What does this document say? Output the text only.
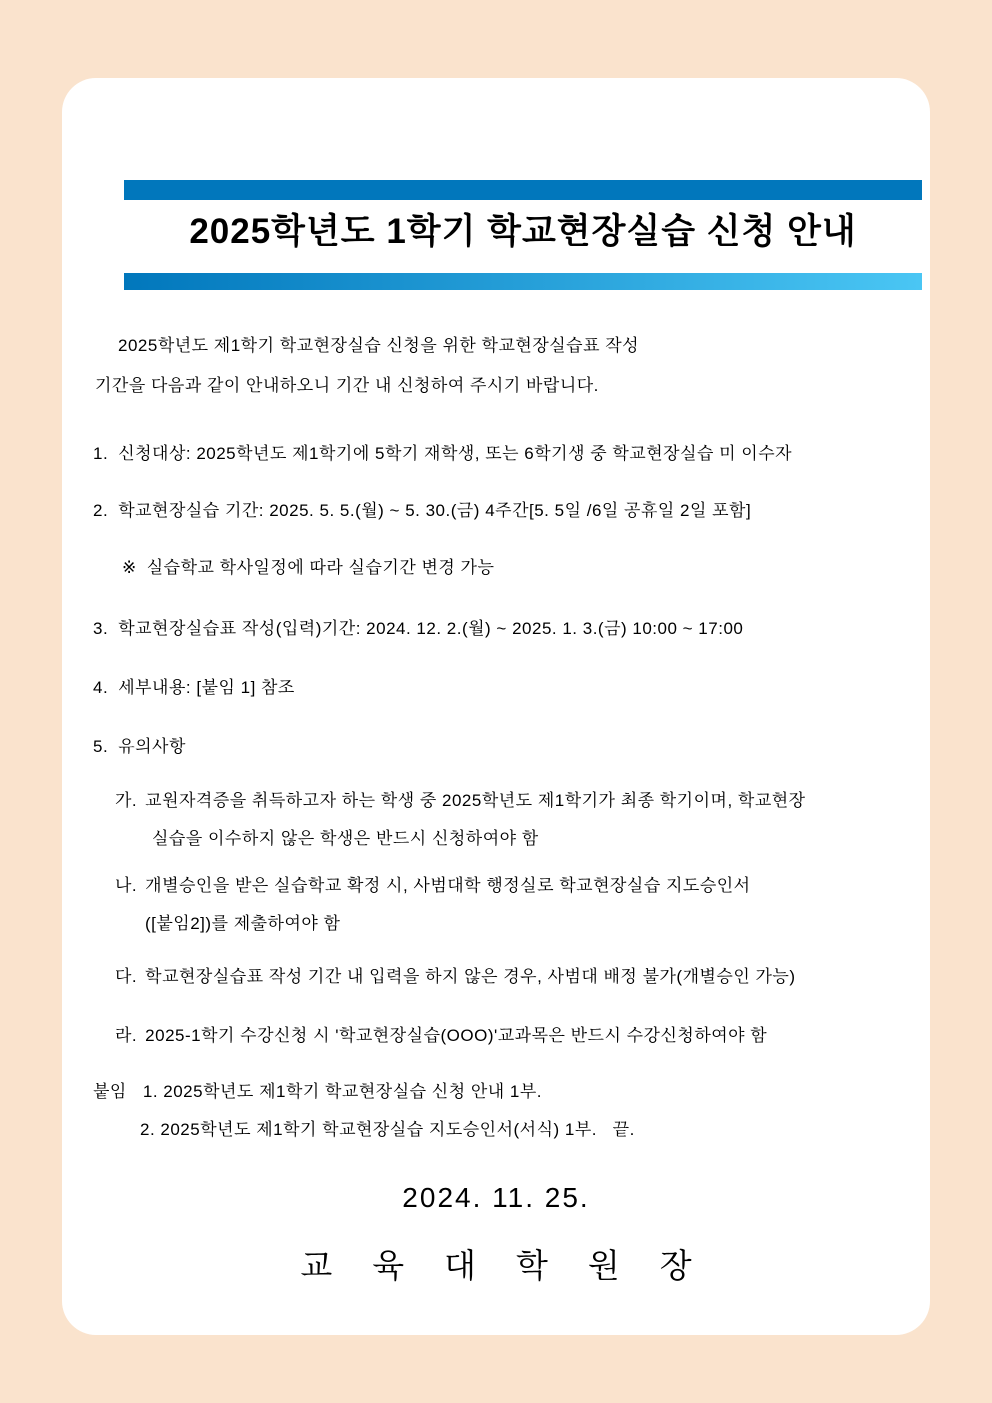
2025학년도 1학기 학교현장실습 신청 안내
2025학년도 제1학기 학교현장실습 신청을 위한 학교현장실습표 작성
기간을 다음과 같이 안내하오니 기간 내 신청하여 주시기 바랍니다.
1. 신청대상: 2025학년도 제1학기에 5학기 재학생, 또는 6학기생 중 학교현장실습 미 이수자
2. 학교현장실습 기간: 2025. 5. 5.(월) ~ 5. 30.(금) 4주간[5. 5일 /6일 공휴일 2일 포함]
※ 실습학교 학사일정에 따라 실습기간 변경 가능
3. 학교현장실습표 작성(입력)기간: 2024. 12. 2.(월) ~ 2025. 1. 3.(금) 10:00 ~ 17:00
4. 세부내용: [붙임 1] 참조
5. 유의사항
가. 교원자격증을 취득하고자 하는 학생 중 2025학년도 제1학기가 최종 학기이며, 학교현장
실습을 이수하지 않은 학생은 반드시 신청하여야 함
나. 개별승인을 받은 실습학교 확정 시, 사범대학 행정실로 학교현장실습 지도승인서
([붙임2])를 제출하여야 함
다. 학교현장실습표 작성 기간 내 입력을 하지 않은 경우, 사범대 배정 불가(개별승인 가능)
라. 2025-1학기 수강신청 시 '학교현장실습(OOO)'교과목은 반드시 수강신청하여야 함
붙임 1. 2025학년도 제1학기 학교현장실습 신청 안내 1부.
2. 2025학년도 제1학기 학교현장실습 지도승인서(서식) 1부.   끝.
2024. 11. 25.
교육대학원장
